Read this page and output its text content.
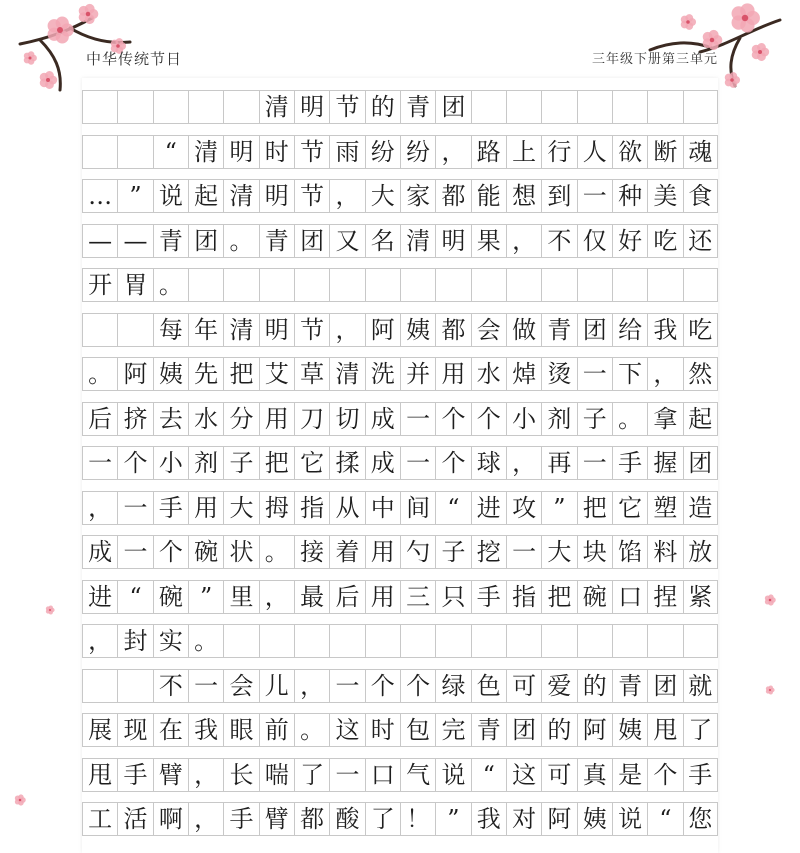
中华传统节日	三年级下册第三单元
清 明 节 的 青 团
“ 清 明 时 节 雨 纷 纷 ， 路 上 行 人 欲 断 魂
… ” 说 起 清 明 节 ， 大 家 都 能 想 到 一 种 美 食
— — 青 团 。 青 团 又 名 清 明 果 ， 不 仅 好 吃 还
开 胃 。
每 年 清 明 节 ， 阿 姨 都 会 做 青 团 给 我 吃
。 阿 姨 先 把 艾 草 清 洗 并 用 水 焯 烫 一 下 ， 然
后 挤 去 水 分 用 刀 切 成 一 个 个 小 剂 子 。 拿 起
一 个 小 剂 子 把 它 揉 成 一 个 球 ， 再 一 手 握 团
， 一 手 用 大 拇 指 从 中 间 “ 进 攻 ” 把 它 塑 造
成 一 个 碗 状 。 接 着 用 勺 子 挖 一 大 块 馅 料 放
进 “ 碗 ” 里 ， 最 后 用 三 只 手 指 把 碗 口 捏 紧
， 封 实 。
不 一 会 儿 ， 一 个 个 绿 色 可 爱 的 青 团 就
展 现 在 我 眼 前 。 这 时 包 完 青 团 的 阿 姨 甩 了
甩 手 臂 ， 长 喘 了 一 口 气 说 “ 这 可 真 是 个 手
工 活 啊 ， 手 臂 都 酸 了 ！ ” 我 对 阿 姨 说 “ 您
